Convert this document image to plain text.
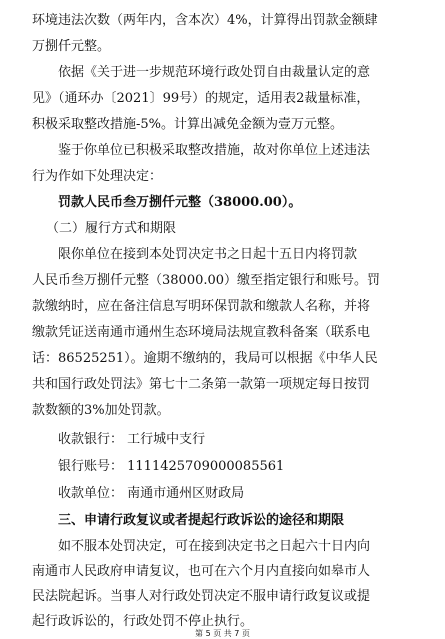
环境违法次数（两年内，含本次）4%，计算得出罚款金额肆
万捌仟元整。
依据《关于进一步规范环境行政处罚自由裁量认定的意
见》（通环办〔2021〕99号）的规定，适用表2裁量标准，
积极采取整改措施-5%。计算出减免金额为壹万元整。
鉴于你单位已积极采取整改措施，故对你单位上述违法
行为作如下处理决定：
罚款人民币叁万捌仟元整（38000.00）。
（二）履行方式和期限
限你单位在接到本处罚决定书之日起十五日内将罚款
人民币叁万捌仟元整（38000.00）缴至指定银行和账号。罚
款缴纳时，应在备注信息写明环保罚款和缴款人名称，并将
缴款凭证送南通市通州生态环境局法规宣教科备案（联系电
话：86525251）。逾期不缴纳的，我局可以根据《中华人民
共和国行政处罚法》第七十二条第一款第一项规定每日按罚
款数额的3%加处罚款。
收款银行： 工行城中支行
银行账号： 1111425709000085561
收款单位： 南通市通州区财政局
三、申请行政复议或者提起行政诉讼的途径和期限
如不服本处罚决定，可在接到决定书之日起六十日内向
南通市人民政府申请复议，也可在六个月内直接向如皋市人
民法院起诉。当事人对行政处罚决定不服申请行政复议或提
起行政诉讼的，行政处罚不停止执行。
第 5 页 共 7 页
